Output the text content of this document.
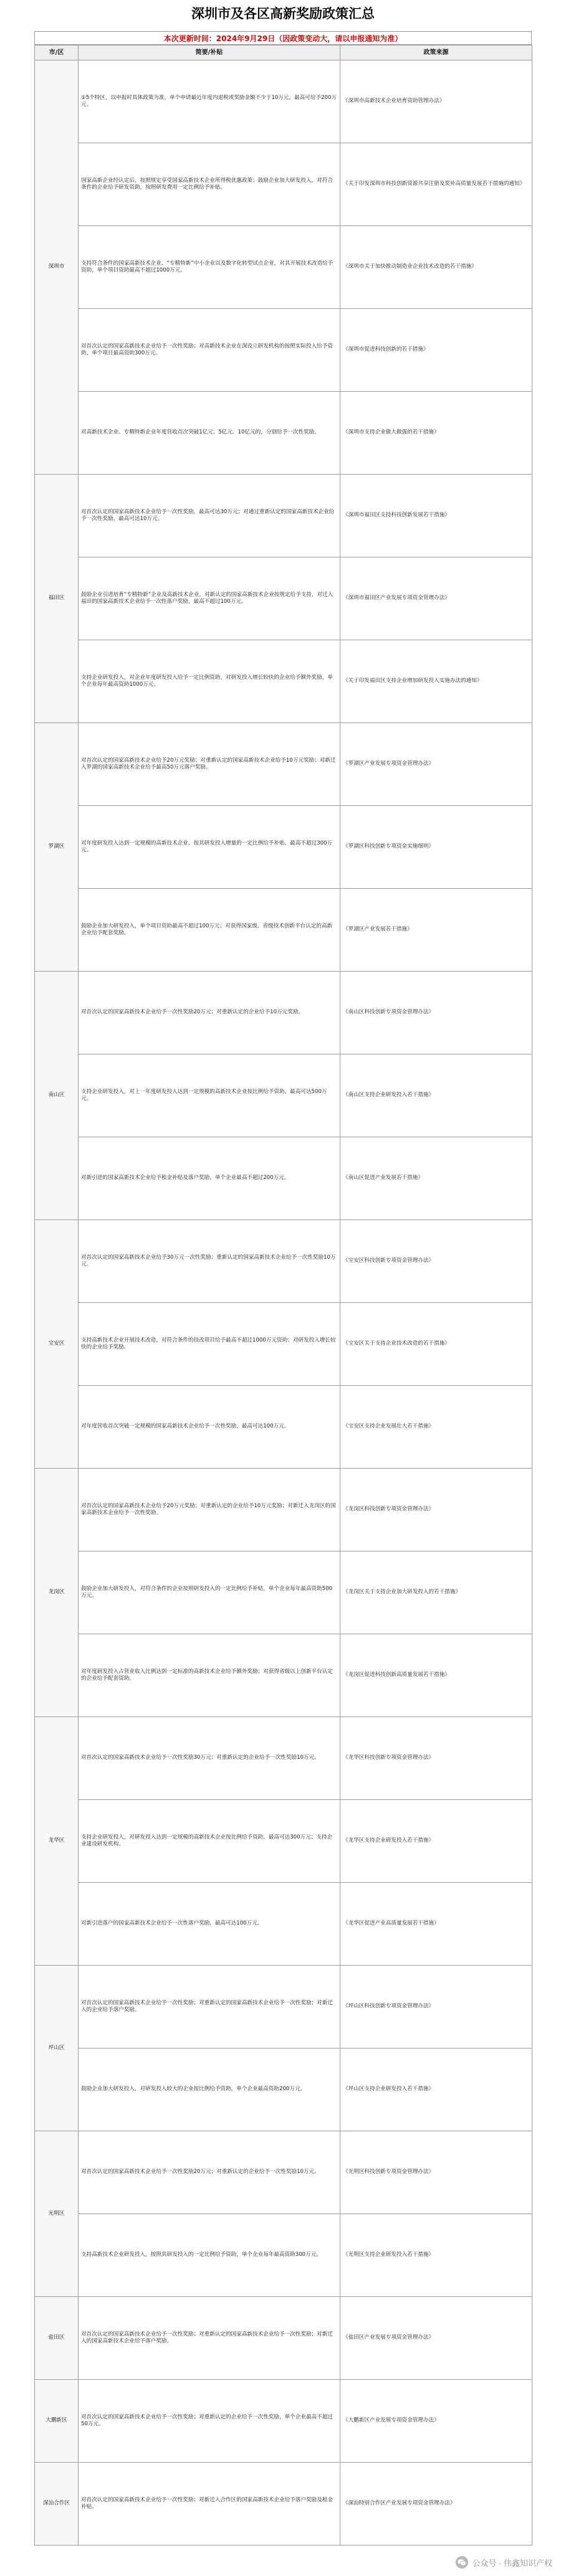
深圳市及各区高新奖励政策汇总
本次更新时间：2024年9月29日（因政策变动大，请以申报通知为准）
市/区	简要/补贴	政策来源
深圳市	①5个特区，以申报时具体政策为准，单个申请最近年度内退税或奖励金额不少于10万元，最高可给予200万元。	《深圳市高新技术企业培育资助管理办法》
	国家高新企业经认定后，按照规定享受国家高新技术企业所得税优惠政策；鼓励企业加大研发投入，对符合条件的企业给予研发资助，按照研发费用一定比例给予补贴。	《关于印发深圳市科技创新资源共享注册及奖补高质量发展若干措施的通知》
	支持符合条件的国家高新技术企业、“专精特新”中小企业以及数字化转型试点企业，对其开展技术改造给予资助，单个项目资助最高不超过1000万元。	《深圳市关于加快推动制造业企业技术改造的若干措施》
	对首次认定的国家高新技术企业给予一次性奖励；对高新技术企业在深设立研发机构的按照实际投入给予资助，单个项目最高资助300万元。	《深圳市促进科技创新的若干措施》
	对高新技术企业、专精特新企业年度营收首次突破1亿元、5亿元、10亿元的，分别给予一次性奖励。	《深圳市支持企业做大做强的若干措施》
福田区	对首次认定的国家高新技术企业给予一次性奖励，最高可达30万元；对通过重新认定的国家高新技术企业给予一次性奖励，最高可达10万元。	《深圳市福田区支持科技创新发展若干措施》
	鼓励企业引进培育“专精特新”企业及高新技术企业，对新认定的国家高新技术企业按规定给予支持，对迁入福田的国家高新技术企业给予一次性落户奖励，最高不超过100万元。	《深圳市福田区产业发展专项资金管理办法》
	支持企业研发投入，对企业年度研发投入给予一定比例资助，对研发投入增长较快的企业给予额外奖励，单个企业每年最高资助1000万元。	《关于印发福田区支持企业增加研发投入实施办法的通知》
罗湖区	对首次认定的国家高新技术企业给予20万元奖励；对重新认定的国家高新技术企业给予10万元奖励；对新迁入罗湖的国家高新技术企业给予最高50万元落户奖励。	《罗湖区产业发展专项资金管理办法》
	对年度研发投入达到一定规模的高新技术企业，按其研发投入增量的一定比例给予补贴，最高不超过300万元。	《罗湖区科技创新专项资金实施细则》
	鼓励企业加大研发投入，单个项目资助最高不超过100万元；对获得国家级、省级技术创新平台认定的高新企业给予配套奖励。	《罗湖区产业发展若干措施》
南山区	对首次认定的国家高新技术企业给予一次性奖励20万元；对重新认定的企业给予10万元奖励。	《南山区科技创新专项资金管理办法》
	支持企业研发投入，对上一年度研发投入达到一定规模的高新技术企业按比例给予资助，最高可达500万元。	《南山区支持企业研发投入若干措施》
	对新引进的国家高新技术企业给予租金补贴及落户奖励，单个企业最高不超过200万元。	《南山区促进产业发展若干措施》
宝安区	对首次认定的国家高新技术企业给予30万元一次性奖励；重新认定的国家高新技术企业给予一次性奖励10万元。	《宝安区科技创新专项资金管理办法》
	支持高新技术企业开展技术改造，对符合条件的技改项目给予最高不超过1000万元资助；对研发投入增长较快的企业给予奖励。	《宝安区关于支持企业技术改造的若干措施》
	对年度营收首次突破一定规模的国家高新技术企业给予一次性奖励，最高可达100万元。	《宝安区支持企业发展壮大若干措施》
龙岗区	对首次认定的国家高新技术企业给予20万元奖励；对重新认定的企业给予10万元奖励；对新迁入龙岗区的国家高新技术企业给予一次性奖励。	《龙岗区科技创新专项资金管理办法》
	鼓励企业加大研发投入，对符合条件的企业按照研发投入的一定比例给予补贴，单个企业每年最高资助500万元。	《龙岗区关于支持企业加大研发投入的若干措施》
	对年度研发投入占营业收入比例达到一定标准的高新技术企业给予额外奖励；对获得省级以上创新平台认定的企业给予配套资助。	《龙岗区促进科技创新高质量发展若干措施》
龙华区	对首次认定的国家高新技术企业给予一次性奖励30万元；对重新认定的企业给予一次性奖励10万元。	《龙华区科技创新专项资金管理办法》
	支持企业研发投入，对研发投入达到一定规模的高新技术企业按比例给予资助，最高可达300万元；支持企业建设研发机构。	《龙华区支持企业研发投入若干措施》
	对新引进落户的国家高新技术企业给予一次性落户奖励，最高可达100万元。	《龙华区促进产业高质量发展若干措施》
坪山区	对首次认定的国家高新技术企业给予一次性奖励；对重新认定的国家高新技术企业给予一次性奖励；对新迁入的企业给予落户奖励。	《坪山区科技创新专项资金管理办法》
	鼓励企业加大研发投入，对研发投入较大的企业按比例给予资助，单个企业最高资助200万元。	《坪山区支持企业研发投入若干措施》
光明区	对首次认定的国家高新技术企业给予一次性奖励20万元；对重新认定的企业给予一次性奖励10万元。	《光明区科技创新专项资金管理办法》
	支持高新技术企业研发投入，按照其研发投入的一定比例给予资助，单个企业每年最高资助300万元。	《光明区支持企业研发投入若干措施》
盐田区	对首次认定的国家高新技术企业给予一次性奖励；对重新认定的国家高新技术企业给予一次性奖励；对新迁入的国家高新技术企业给予落户奖励。	《盐田区产业发展专项资金管理办法》
大鹏新区	对首次认定的国家高新技术企业给予一次性奖励；对重新认定的企业给予一次性奖励，单个企业最高不超过50万元。	《大鹏新区产业发展专项资金管理办法》
深汕合作区	对首次认定的国家高新技术企业给予一次性奖励；对新迁入合作区的国家高新技术企业给予落户奖励及租金补贴。	《深汕特别合作区产业发展专项资金管理办法》
公众号 · 伟鑫知识产权
